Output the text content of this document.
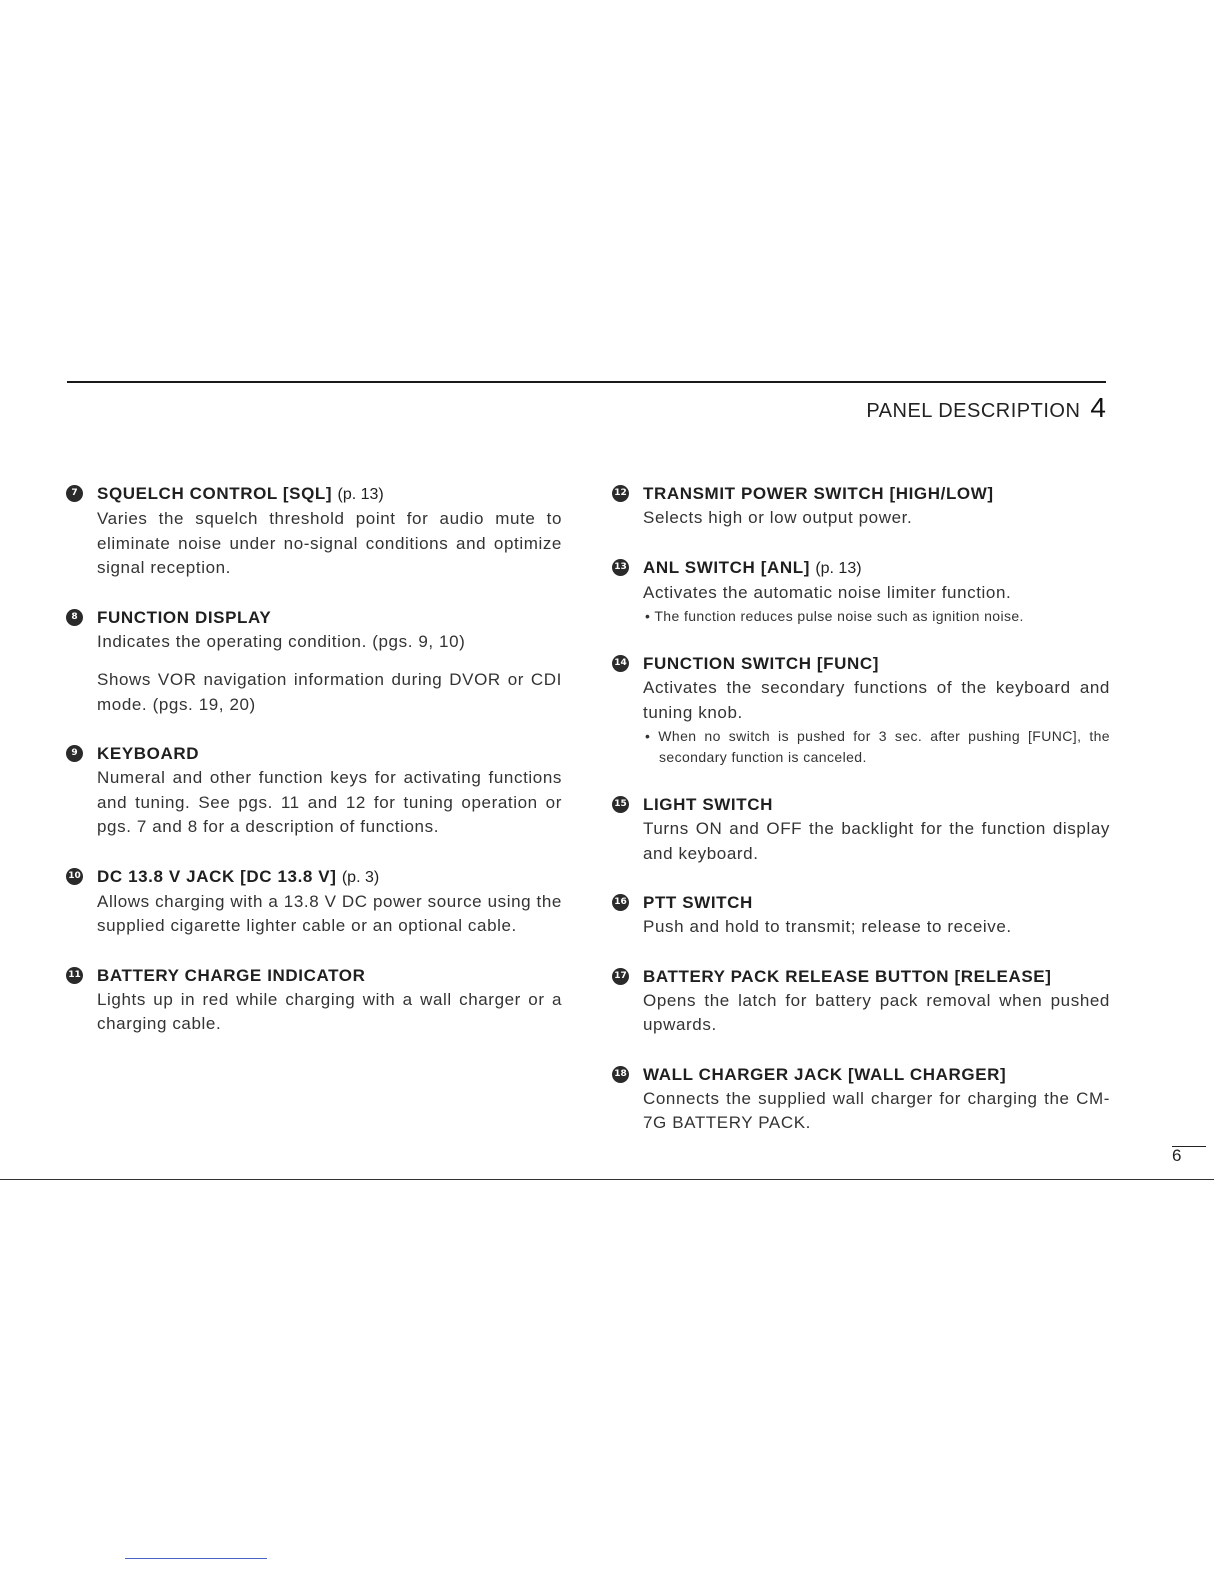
PANEL DESCRIPTION 4
7	SQUELCH CONTROL [SQL] (p. 13)
Varies the squelch threshold point for audio mute to eliminate noise under no-signal conditions and optimize signal reception.
8	FUNCTION DISPLAY
Indicates the operating condition. (pgs. 9, 10)
Shows VOR navigation information during DVOR or CDI mode. (pgs. 19, 20)
9	KEYBOARD
Numeral and other function keys for activating functions and tuning. See pgs. 11 and 12 for tuning operation or pgs. 7 and 8 for a description of functions.
10 DC 13.8 V JACK [DC 13.8 V] (p. 3)
Allows charging with a 13.8 V DC power source using the supplied cigarette lighter cable or an optional cable.
11 BATTERY CHARGE INDICATOR
Lights up in red while charging with a wall charger or a charging cable.
12 TRANSMIT POWER SWITCH [HIGH/LOW]
Selects high or low output power.
13 ANL SWITCH [ANL] (p. 13)
Activates the automatic noise limiter function.
• The function reduces pulse noise such as ignition noise.
14 FUNCTION SWITCH [FUNC]
Activates the secondary functions of the keyboard and tuning knob.
• When no switch is pushed for 3 sec. after pushing [FUNC], the secondary function is canceled.
15 LIGHT SWITCH
Turns ON and OFF the backlight for the function display and keyboard.
16 PTT SWITCH
Push and hold to transmit; release to receive.
17 BATTERY PACK RELEASE BUTTON [RELEASE]
Opens the latch for battery pack removal when pushed upwards.
18 WALL CHARGER JACK [WALL CHARGER]
Connects the supplied wall charger for charging the CM-7G BATTERY PACK.
6
